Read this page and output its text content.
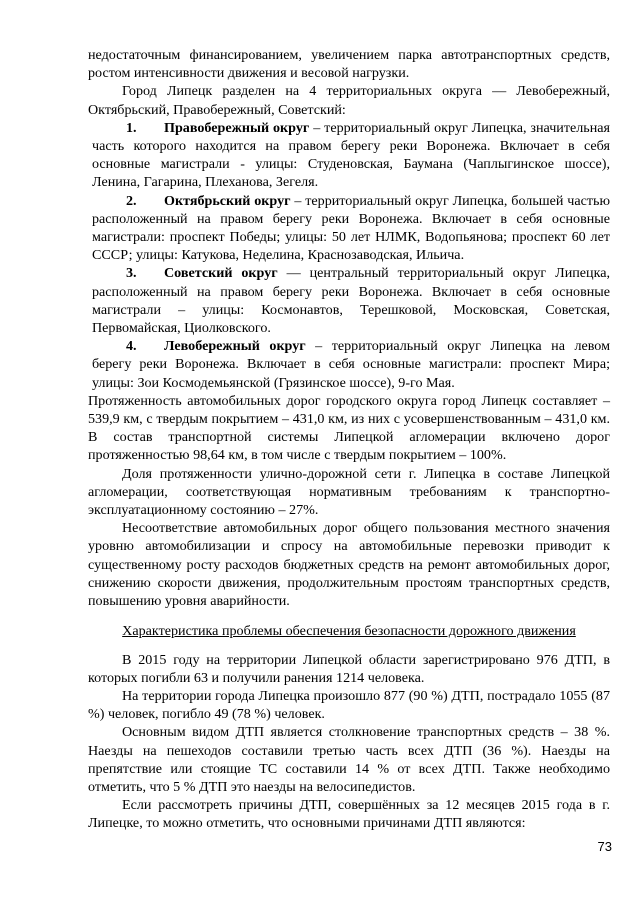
недостаточным финансированием, увеличением парка автотранспортных средств, ростом интенсивности движения и весовой нагрузки.

Город Липецк разделен на 4 территориальных округа — Левобережный, Октябрьский, Правобережный, Советский:

1. Правобережный округ – территориальный округ Липецка, значительная часть которого находится на правом берегу реки Воронежа. Включает в себя основные магистрали - улицы: Студеновская, Баумана (Чаплыгинское шоссе), Ленина, Гагарина, Плеханова, Зегеля.

2. Октябрьский округ – территориальный округ Липецка, большей частью расположенный на правом берегу реки Воронежа. Включает в себя основные магистрали: проспект Победы; улицы: 50 лет НЛМК, Водопьянова; проспект 60 лет СССР; улицы: Катукова, Неделина, Краснозаводская, Ильича.

3. Советский округ — центральный территориальный округ Липецка, расположенный на правом берегу реки Воронежа. Включает в себя основные магистрали – улицы: Космонавтов, Терешковой, Московская, Советская, Первомайская, Циолковского.

4. Левобережный округ – территориальный округ Липецка на левом берегу реки Воронежа. Включает в себя основные магистрали: проспект Мира; улицы: Зои Космодемьянской (Грязинское шоссе), 9-го Мая.

Протяженность автомобильных дорог городского округа город Липецк составляет – 539,9 км, с твердым покрытием – 431,0 км, из них с усовершенствованным – 431,0 км. В состав транспортной системы Липецкой агломерации включено дорог протяженностью 98,64 км, в том числе с твердым покрытием – 100%.

Доля протяженности улично-дорожной сети г. Липецка в составе Липецкой агломерации, соответствующая нормативным требованиям к транспортно-эксплуатационному состоянию – 27%.

Несоответствие автомобильных дорог общего пользования местного значения уровню автомобилизации и спросу на автомобильные перевозки приводит к существенному росту расходов бюджетных средств на ремонт автомобильных дорог, снижению скорости движения, продолжительным простоям транспортных средств, повышению уровня аварийности.

Характеристика проблемы обеспечения безопасности дорожного движения

В 2015 году на территории Липецкой области зарегистрировано 976 ДТП, в которых погибли 63 и получили ранения 1214 человека.

На территории города Липецка произошло 877 (90 %) ДТП, пострадало 1055 (87 %) человек, погибло 49 (78 %) человек.

Основным видом ДТП является столкновение транспортных средств – 38 %. Наезды на пешеходов составили третью часть всех ДТП (36 %). Наезды на препятствие или стоящие ТС составили 14 % от всех ДТП. Также необходимо отметить, что 5 % ДТП это наезды на велосипедистов.

Если рассмотреть причины ДТП, совершённых за 12 месяцев 2015 года в г. Липецке, то можно отметить, что основными причинами ДТП являются:

73
